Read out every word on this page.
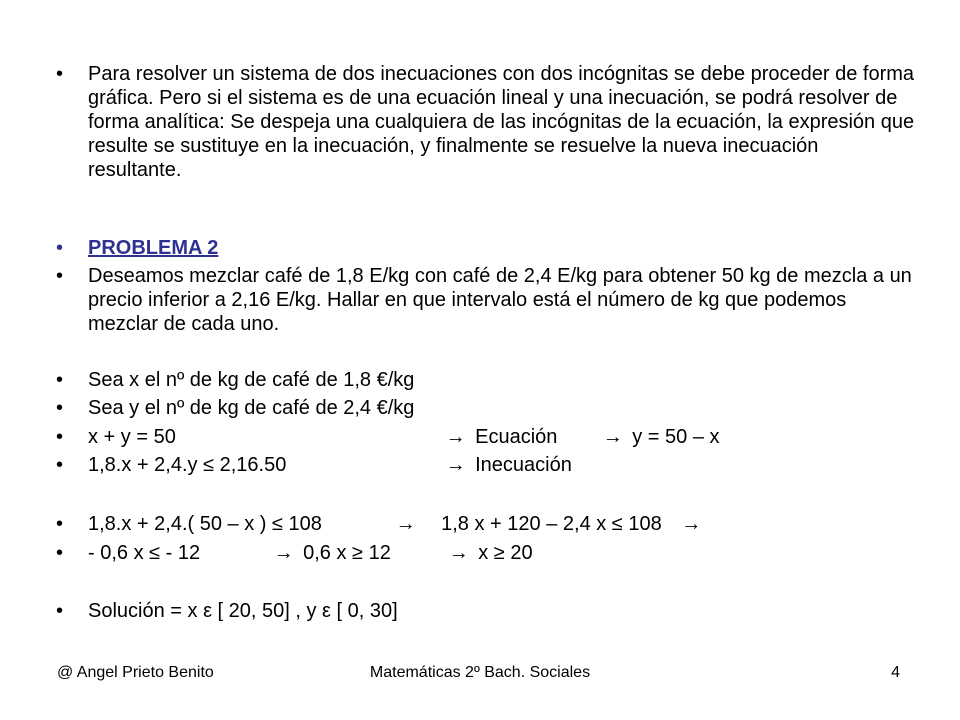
•	Para resolver un sistema de dos inecuaciones con dos incógnitas se debe proceder de forma gráfica. Pero si el sistema es de una ecuación lineal y una inecuación, se podrá resolver de forma analítica: Se despeja una cualquiera de las incógnitas de la ecuación, la expresión que resulte se sustituye en la inecuación, y finalmente se resuelve la nueva inecuación resultante.
•	PROBLEMA 2
•	Deseamos mezclar café de 1,8 E/kg con café de 2,4 E/kg para obtener 50 kg de mezcla a un precio inferior a 2,16 E/kg. Hallar en que intervalo está el número de kg que podemos mezclar de cada uno.
•	Sea x el nº de kg de café de 1,8 €/kg
•	Sea y el nº de kg de café de 2,4 €/kg
•	x + y = 50	→ Ecuación → y = 50 – x
•	1,8.x + 2,4.y ≤ 2,16.50	→ Inecuación
•	1,8.x + 2,4.( 50 – x ) ≤ 108	→ 1,8 x + 120 – 2,4 x ≤ 108 →
•	- 0,6 x ≤ - 12	→ 0,6 x ≥ 12	→ x ≥ 20
•	Solución = x ε [ 20, 50] , y ε [ 0, 30]
@ Angel Prieto Benito	Matemáticas 2º Bach. Sociales	4
